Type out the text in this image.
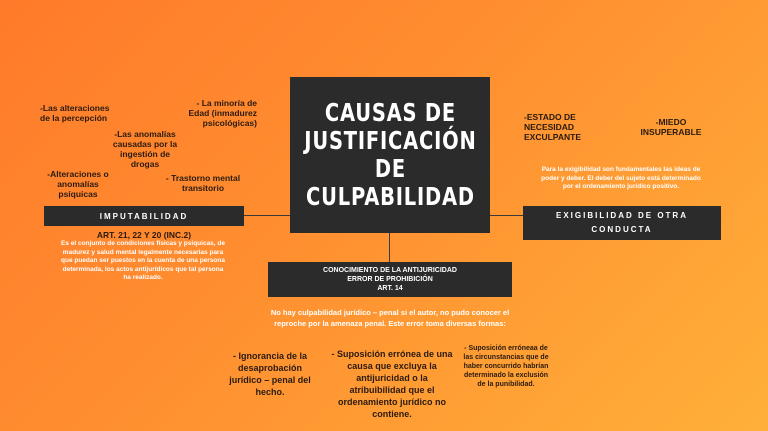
CAUSAS DE
JUSTIFICACIÓN
DE
CULPABILIDAD
-Las alteraciones de la percepción
- La minoría de Edad (inmadurez psicológicas)
-Las anomalías causadas por la ingestión de drogas
-Alteraciones o anomalías psíquicas
- Trastorno mental transitorio
IMPUTABILIDAD
ART. 21, 22 Y 20 (INC.2)
Es el conjunto de condiciones físicas y psíquicas, de madurez y salud mental legalmente necesarias para que puedan ser puestos en la cuenta de una persona determinada, los actos antijurídicos que tal persona ha realizado.
-ESTADO DE NECESIDAD EXCULPANTE
-MIEDO INSUPERABLE
Para la exigibilidad son fundamentales las ideas de poder y deber. El deber del sujeto está determinado por el ordenamiento jurídico positivo.
EXIGIBILIDAD DE OTRA CONDUCTA
CONOCIMIENTO DE LA ANTIJURICIDAD
ERROR DE PROHIBICIÓN
ART. 14
No hay culpabilidad jurídico – penal si el autor, no pudo conocer el reproche por la amenaza penal. Este error toma diversas formas:
- Ignorancia de la desaprobación jurídico – penal del hecho.
- Suposición errónea de una causa que excluya la antijuricidad o la atribuibilidad que el ordenamiento jurídico no contiene.
- Suposición erróneaa de las circunstancias que de haber concurrido habrían determinado la exclusión de la punibilidad.
